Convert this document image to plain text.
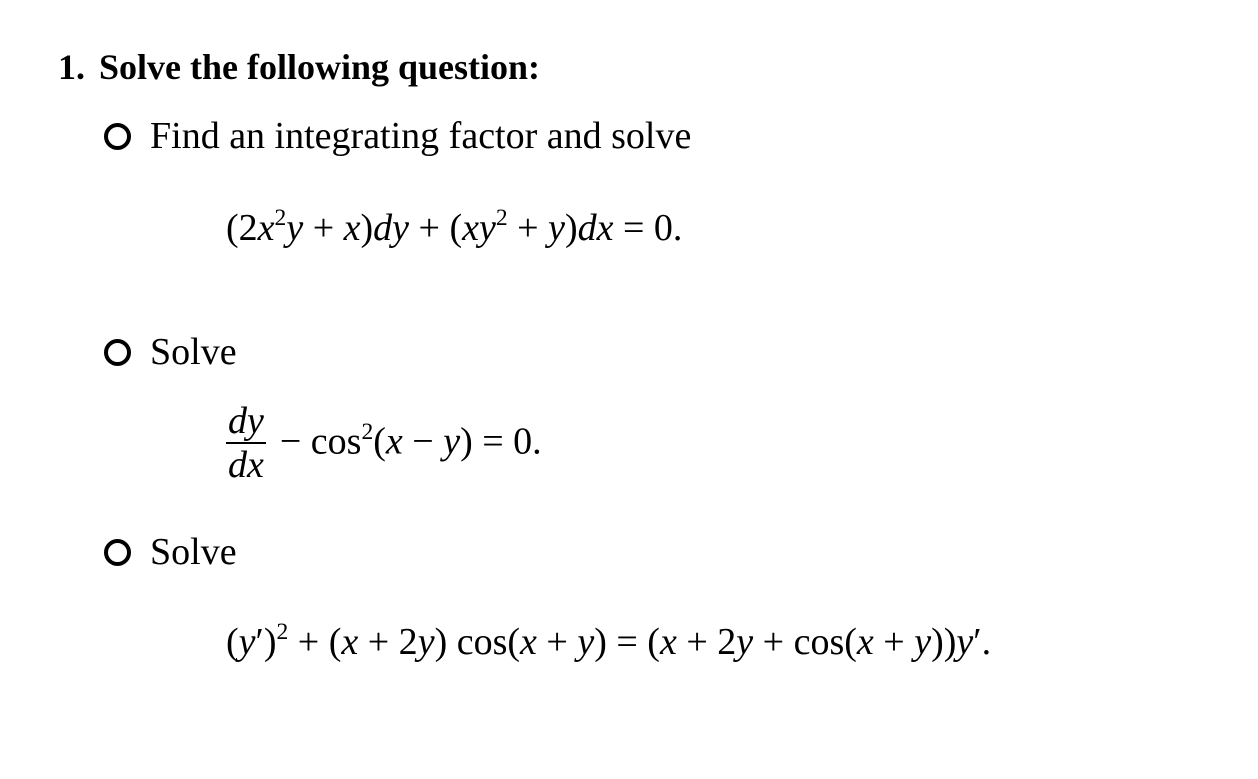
1. Solve the following question:
Find an integrating factor and solve
$(2x^2y + x)dy + (xy^2 + y)dx = 0$.
Solve
$\frac{dy}{dx} - \cos^2(x - y) = 0$.
Solve
$(y')^2 + (x + 2y) \cos(x + y) = (x + 2y + \cos(x + y))y'$.
